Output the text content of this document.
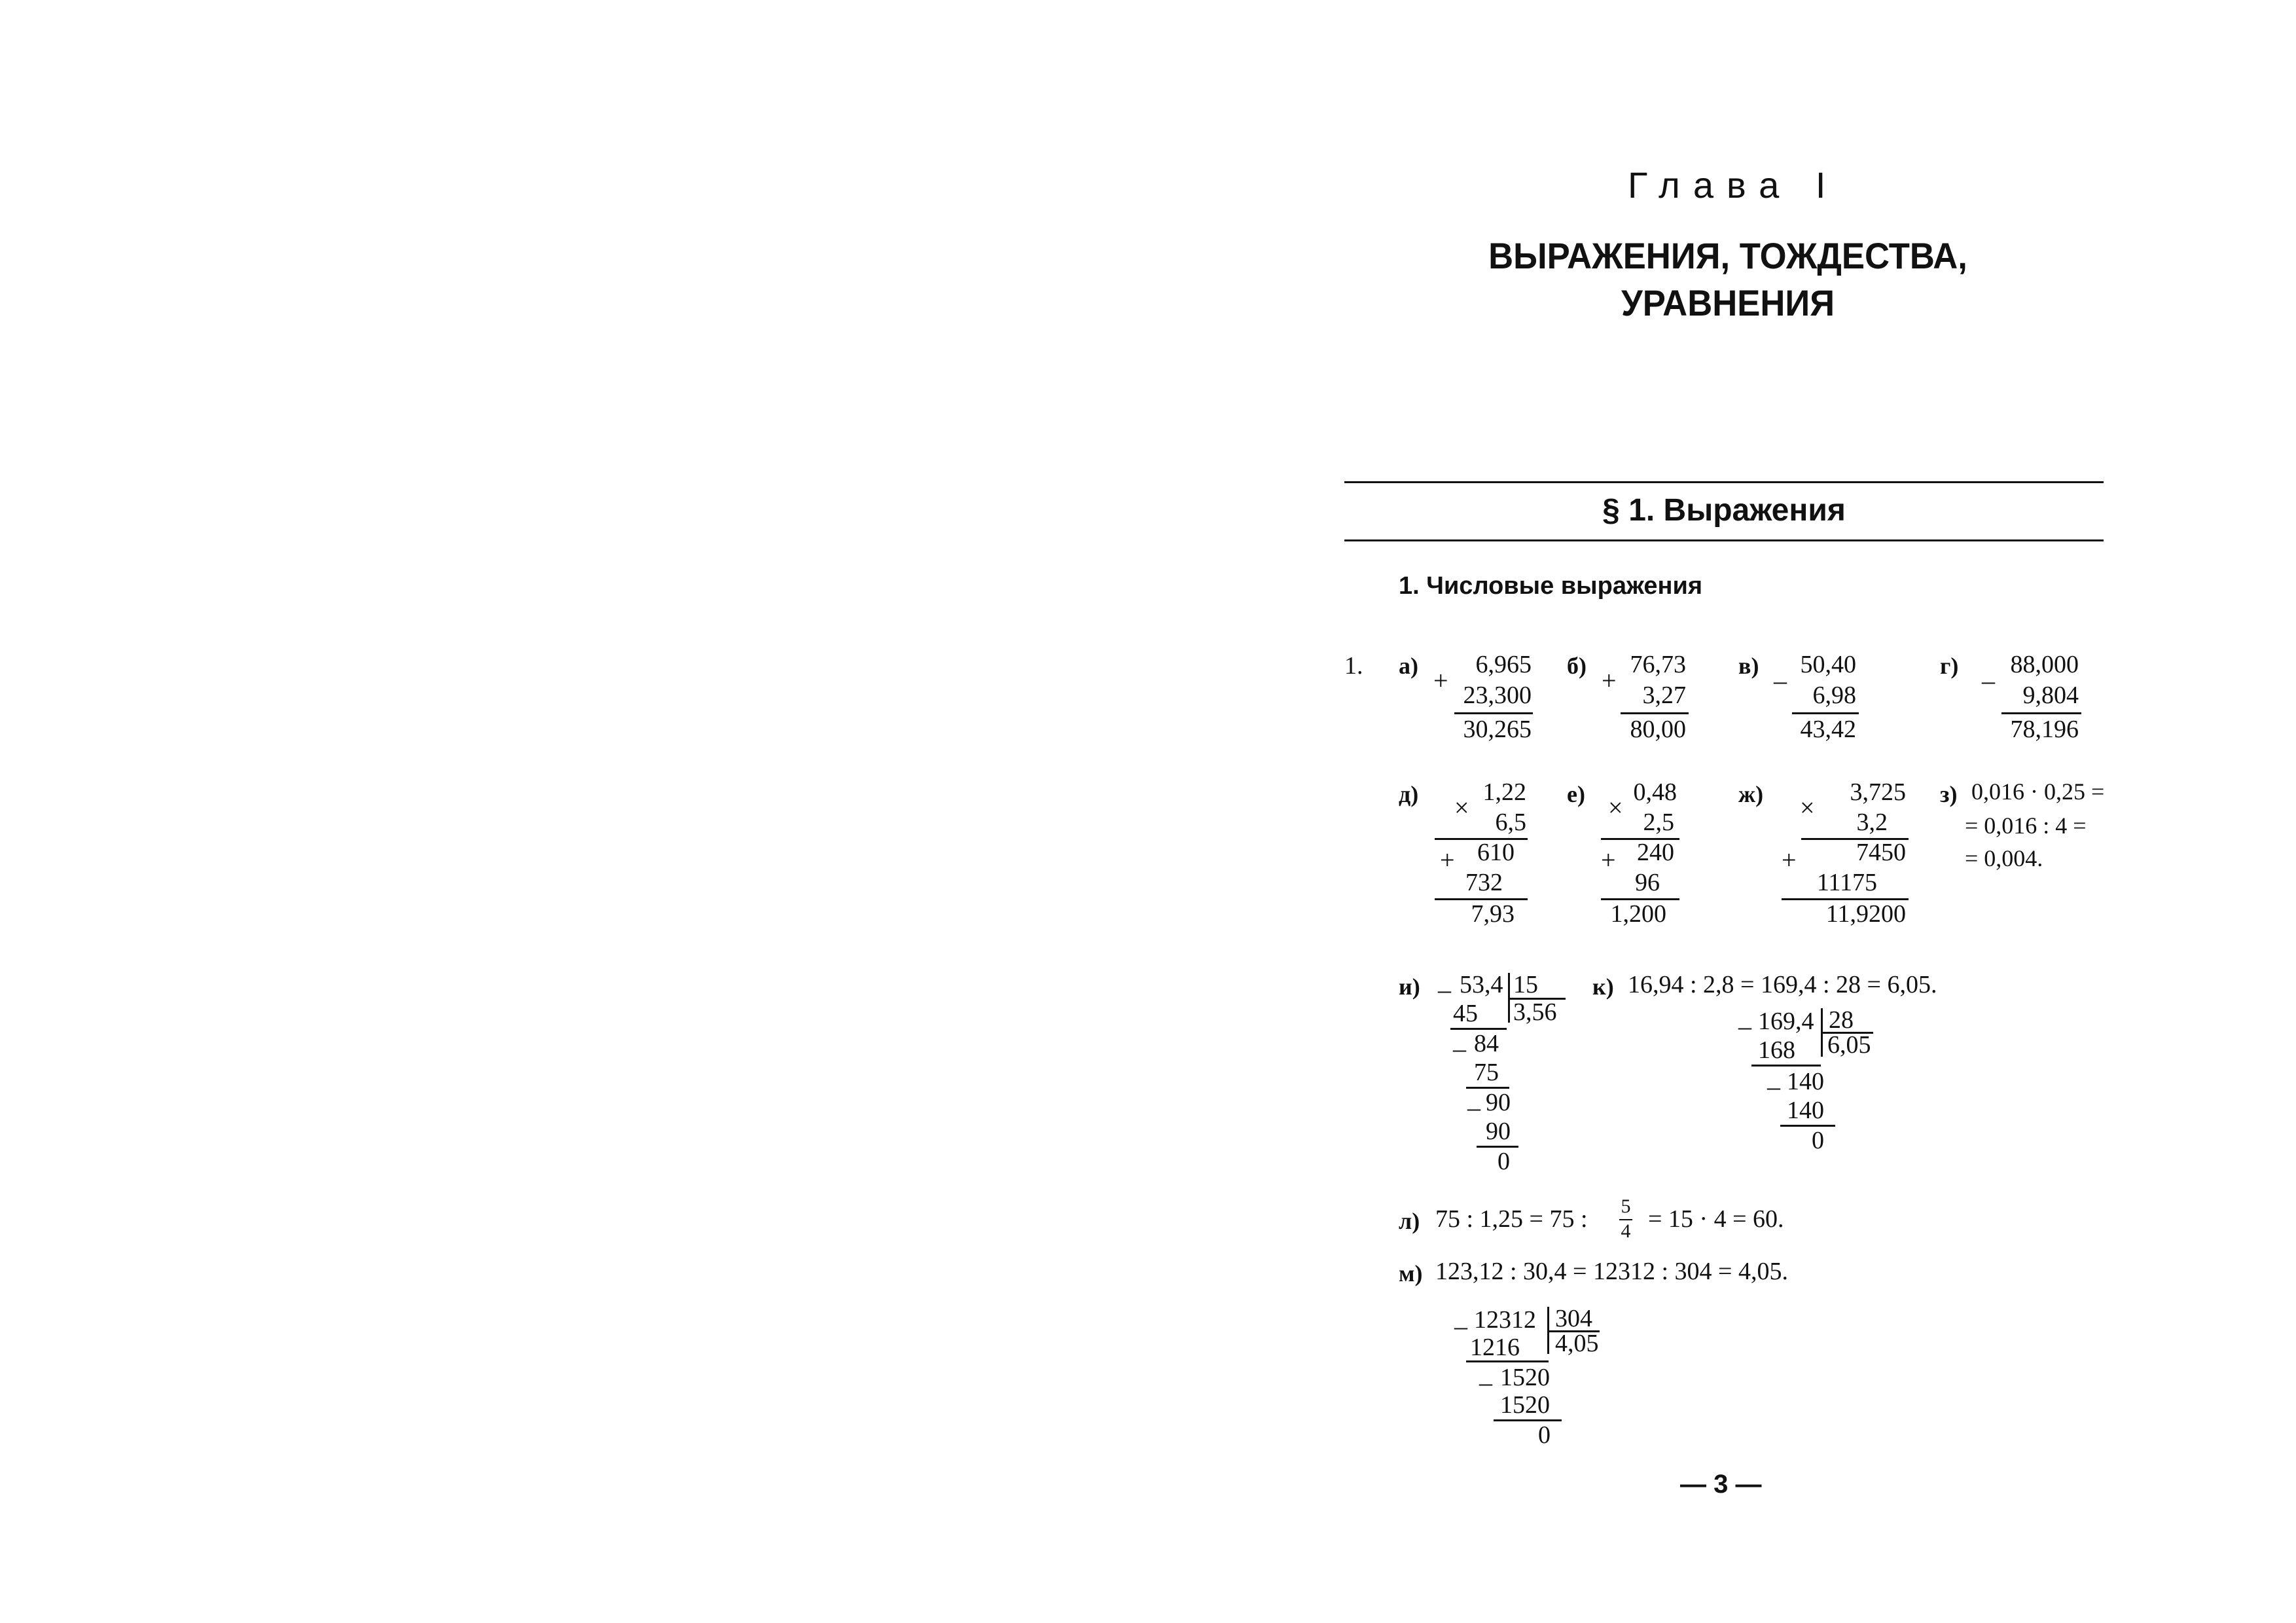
Глава I
ВЫРАЖЕНИЯ, ТОЖДЕСТВА,
УРАВНЕНИЯ
§ 1. Выражения
1. Числовые выражения
1. а) +
6,965
23,300
30,265
б) +
76,73
3,27
80,00
в) –
50,40
6,98
43,42
г) –
88,000
9,804
78,196
д) ×
1,22
6,5
+ 610
732
7,93
е) ×
0,48
2,5
+ 240
96
1,200
ж) ×
3,725
3,2
+	7450
11175
11,9200
з) 0,016 · 0,25 =
= 0,016 : 4 =
= 0,004.
и) – 53,4 15
3,56
45
– 84
75
– 90
90
0
к) 16,94 : 2,8 = 169,4 : 28 = 6,05.
– 169,4 28
6,05
168
– 140
140
0
л) 75 : 1,25 = 75 : 5
4 = 15 · 4 = 60.
м) 123,12 : 30,4 = 12312 : 304 = 4,05.
– 12312 304
4,05
1216
– 1520
1520
0
— 3 —
